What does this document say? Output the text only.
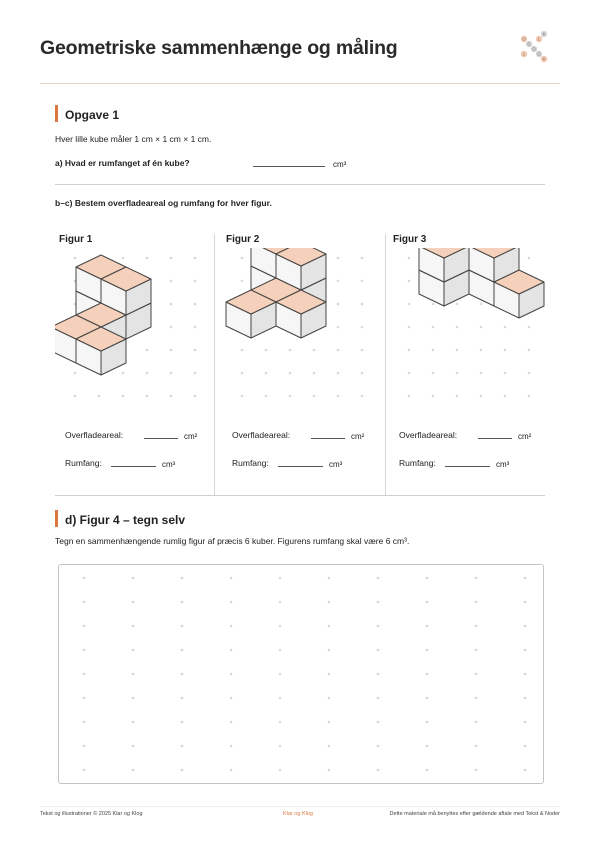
Geometriske sammenhænge og måling
K
L
O
G
O
G
K
L
Opgave 1
Hver lille kube måler 1 cm × 1 cm × 1 cm.
a) Hvad er rumfanget af én kube?	cm³
b–c) Bestem overfladeareal og rumfang for hver figur.
Figur 1	Figur 2	Figur 3
Overfladeareal:	cm²
Rumfang:	cm³
Overfladeareal:	cm²
Rumfang:	cm³
Overfladeareal:	cm²
Rumfang:	cm³
d) Figur 4 – tegn selv
Tegn en sammenhængende rumlig figur af præcis 6 kuber. Figurens rumfang skal være 6 cm³.
Tekst og illustrationer © 2025 Klar og Klog	Klar og Klog	Dette materiale må benyttes efter gældende aftale med Tekst & Noder
